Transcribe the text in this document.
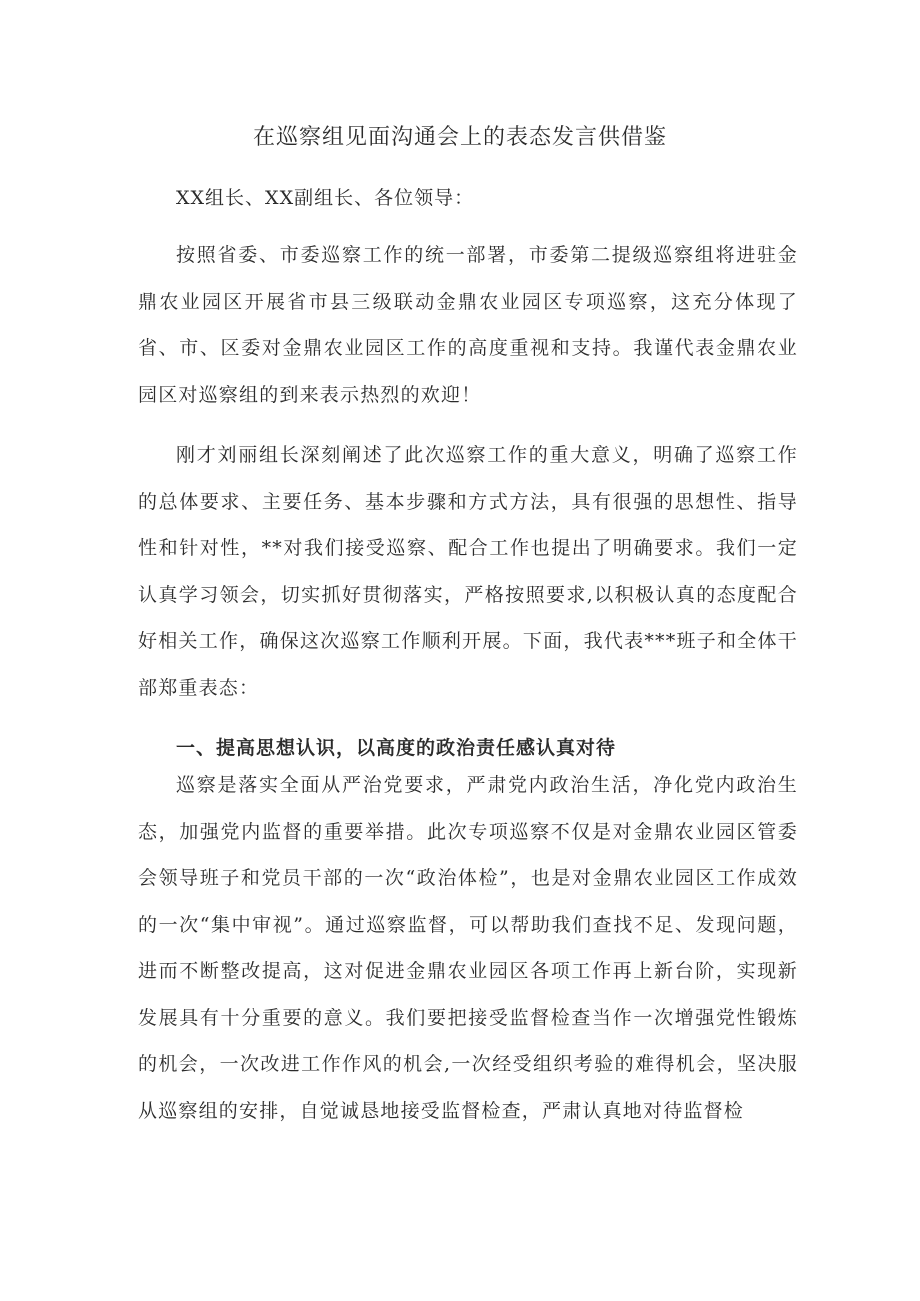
在巡察组见面沟通会上的表态发言供借鉴
XX组长、XX副组长、各位领导：

按照省委、市委巡察工作的统一部署，市委第二提级巡察组将进驻金鼎农业园区开展省市县三级联动金鼎农业园区专项巡察，这充分体现了省、市、区委对金鼎农业园区工作的高度重视和支持。我谨代表金鼎农业园区对巡察组的到来表示热烈的欢迎！

刚才刘丽组长深刻阐述了此次巡察工作的重大意义，明确了巡察工作的总体要求、主要任务、基本步骤和方式方法，具有很强的思想性、指导性和针对性，**对我们接受巡察、配合工作也提出了明确要求。我们一定认真学习领会，切实抓好贯彻落实，严格按照要求,以积极认真的态度配合好相关工作，确保这次巡察工作顺利开展。下面，我代表***班子和全体干部郑重表态：

一、提高思想认识，以高度的政治责任感认真对待

巡察是落实全面从严治党要求，严肃党内政治生活，净化党内政治生态，加强党内监督的重要举措。此次专项巡察不仅是对金鼎农业园区管委会领导班子和党员干部的一次“政治体检”，也是对金鼎农业园区工作成效的一次“集中审视”。通过巡察监督，可以帮助我们查找不足、发现问题，进而不断整改提高，这对促进金鼎农业园区各项工作再上新台阶，实现新发展具有十分重要的意义。我们要把接受监督检查当作一次增强党性锻炼的机会，一次改进工作作风的机会,一次经受组织考验的难得机会，坚决服从巡察组的安排，自觉诚恳地接受监督检查，严肃认真地对待监督检
